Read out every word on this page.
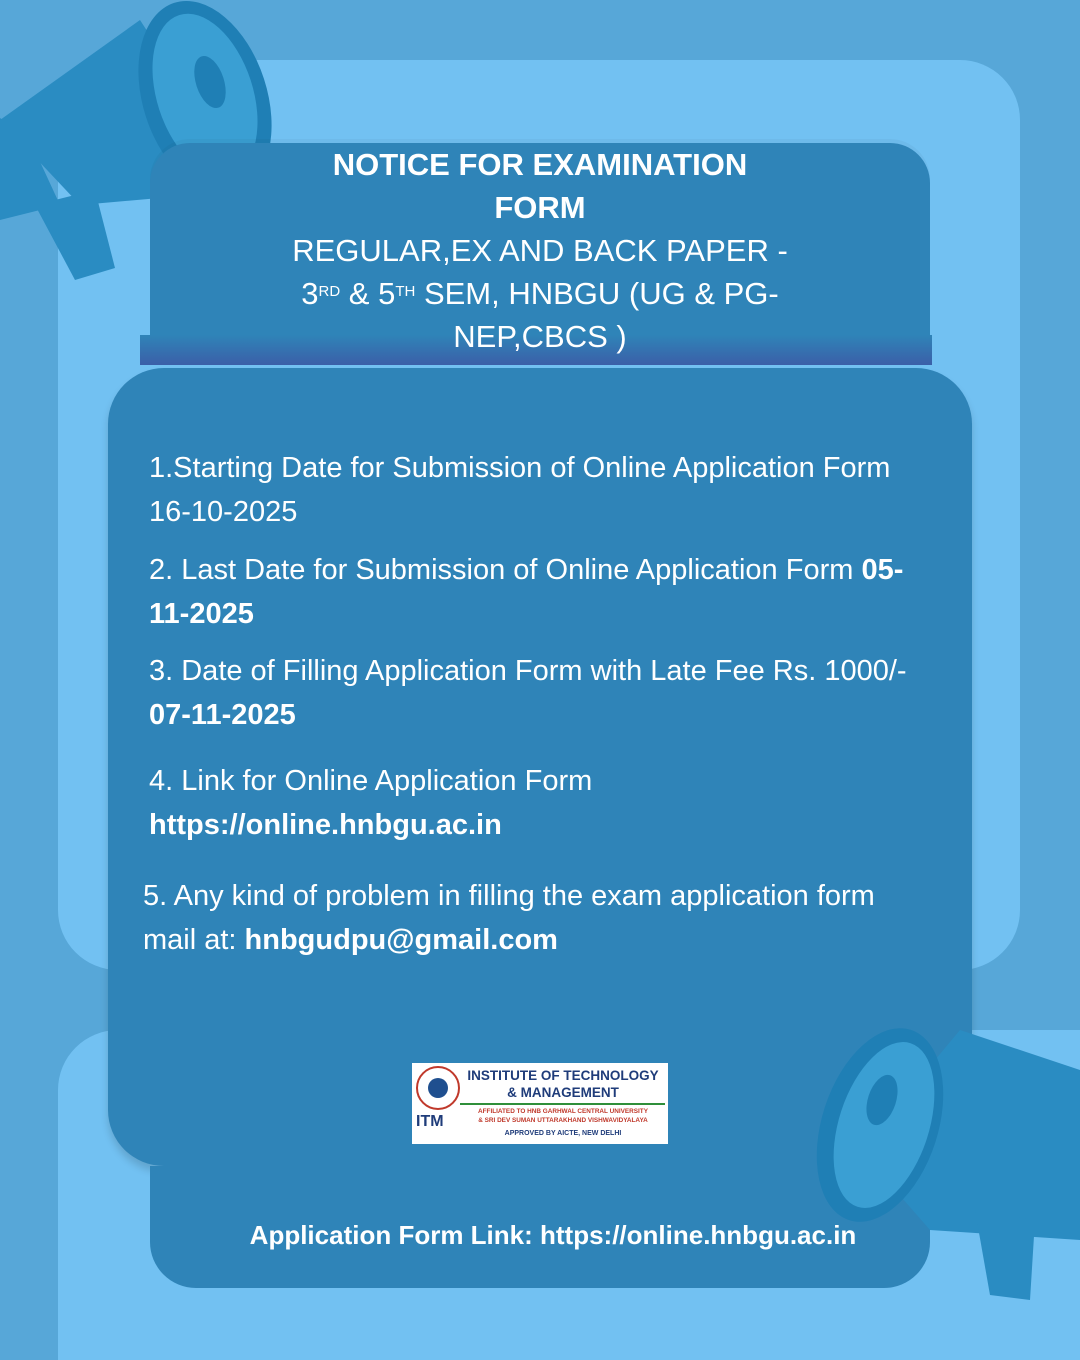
NOTICE FOR EXAMINATION
FORM
REGULAR,EX AND BACK PAPER -
3RD & 5TH SEM, HNBGU (UG & PG-
NEP,CBCS )
1.Starting Date for Submission of Online Application Form 16-10-2025
2. Last Date for Submission of Online Application Form 05-11-2025
3. Date of Filling Application Form with Late Fee Rs. 1000/- 07-11-2025
4. Link for Online Application Form https://online.hnbgu.ac.in
5. Any kind of problem in filling the exam application form mail at: hnbgudpu@gmail.com
ITM
INSTITUTE OF TECHNOLOGY
& MANAGEMENT
AFFILIATED TO HNB GARHWAL CENTRAL UNIVERSITY
& SRI DEV SUMAN UTTARAKHAND VISHWAVIDYALAYA
APPROVED BY AICTE, NEW DELHI
Application Form Link: https://online.hnbgu.ac.in
